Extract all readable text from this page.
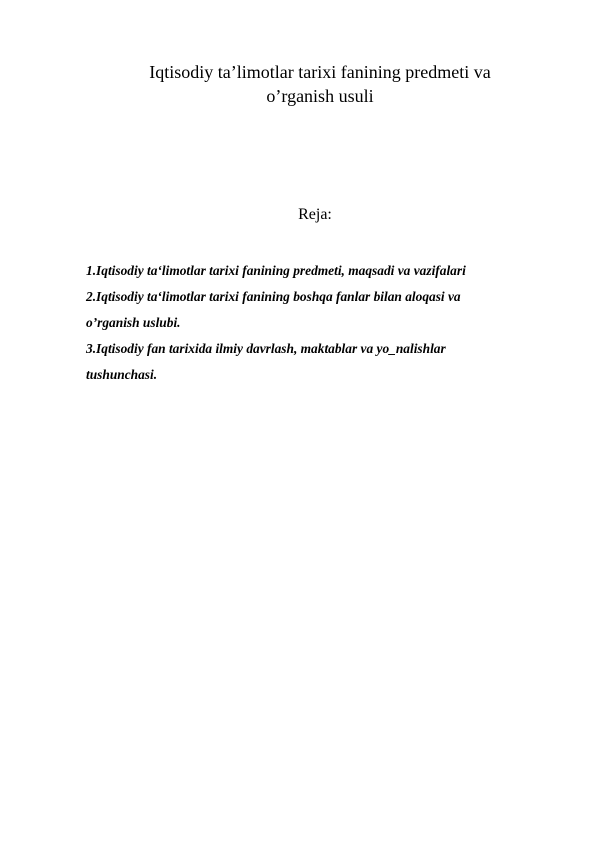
Iqtisodiy ta’limotlar tarixi fanining predmeti va
o’rganish usuli

Reja:

1.Iqtisodiy ta‘limotlar tarixi fanining predmeti, maqsadi va vazifalari
2.Iqtisodiy ta‘limotlar tarixi fanining boshqa fanlar bilan aloqasi va
o’rganish uslubi.
3.Iqtisodiy fan tarixida ilmiy davrlash, maktablar va yo_nalishlar
tushunchasi.
